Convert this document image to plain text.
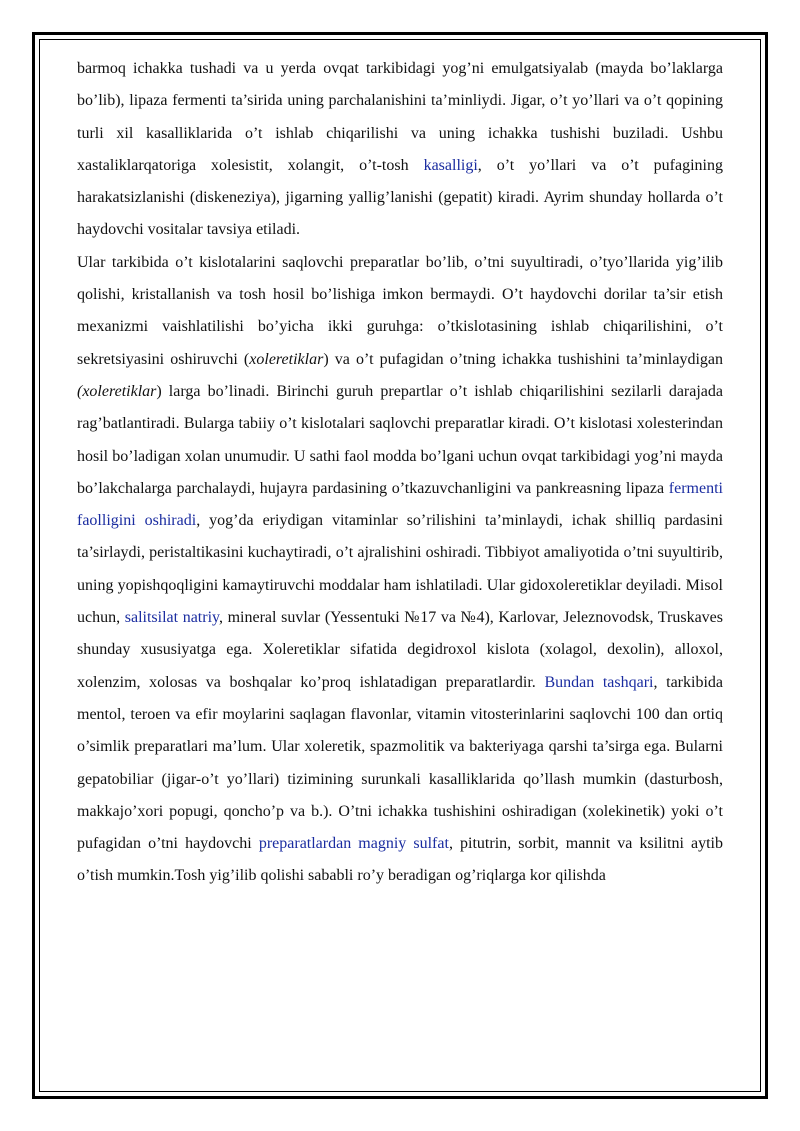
barmoq ichakka tushadi va u yerda ovqat tarkibidagi yog’ni emulgatsiyalab (mayda bo’laklarga bo’lib), lipaza fermenti ta’sirida uning parchalanishini ta’minliydi. Jigar, o’t yo’llari va o’t qopining turli xil kasalliklarida o’t ishlab chiqarilishi va uning ichakka tushishi buziladi. Ushbu xastaliklarqatoriga xolesistit, xolangit, o’t-tosh kasalligi, o’t yo’llari va o’t pufagining harakatsizlanishi (diskeneziya), jigarning yallig’lanishi (gepatit) kiradi. Ayrim shunday hollarda o’t haydovchi vositalar tavsiya etiladi.

Ular tarkibida o’t kislotalarini saqlovchi preparatlar bo’lib, o’tni suyultiradi, o’tyo’llarida yig’ilib qolishi, kristallanish va tosh hosil bo’lishiga imkon bermaydi. O’t haydovchi dorilar ta’sir etish mexanizmi vaishlatilishi bo’yicha ikki guruhga: o’tkislotasining ishlab chiqarilishini, o’t sekretsiyasini oshiruvchi (xoleretiklar) va o’t pufagidan o’tning ichakka tushishini ta’minlaydigan (xoleretiklar) larga bo’linadi. Birinchi guruh prepartlar o’t ishlab chiqarilishini sezilarli darajada rag’batlantiradi. Bularga tabiiy o’t kislotalari saqlovchi preparatlar kiradi. O’t kislotasi xolesterindan hosil bo’ladigan xolan unumudir. U sathi faol modda bo’lgani uchun ovqat tarkibidagi yog’ni mayda bo’lakchalarga parchalaydi, hujayra pardasining o’tkazuvchanligini va pankreasning lipaza fermenti faolligini oshiradi, yog’da eriydigan vitaminlar so’rilishini ta’minlaydi, ichak shilliq pardasini ta’sirlaydi, peristaltikasini kuchaytiradi, o’t ajralishini oshiradi. Tibbiyot amaliyotida o’tni suyultirib, uning yopishqoqligini kamaytiruvchi moddalar ham ishlatiladi. Ular gidoxoleretiklar deyiladi. Misol uchun, salitsilat natriy, mineral suvlar (Yessentuki №17 va №4), Karlovar, Jeleznovodsk, Truskaves shunday xususiyatga ega. Xoleretiklar sifatida degidroxol kislota (xolagol, dexolin), alloxol, xolenzim, xolosas va boshqalar ko’proq ishlatadigan preparatlardir. Bundan tashqari, tarkibida mentol, teroen va efir moylarini saqlagan flavonlar, vitamin vitosterinlarini saqlovchi 100 dan ortiq o’simlik preparatlari ma’lum. Ular xoleretik, spazmolitik va bakteriyaga qarshi ta’sirga ega. Bularni gepatobiliar (jigar-o’t yo’llari) tizimining surunkali kasalliklarida qo’llash mumkin (dasturbosh, makkajo’xori popugi, qoncho’p va b.). O’tni ichakka tushishini oshiradigan (xolekinetik) yoki o’t pufagidan o’tni haydovchi preparatlardan magniy sulfat, pitutrin, sorbit, mannit va ksilitni aytib o’tish mumkin.Tosh yig’ilib qolishi sababli ro’y beradigan og’riqlarga kor qilishda
